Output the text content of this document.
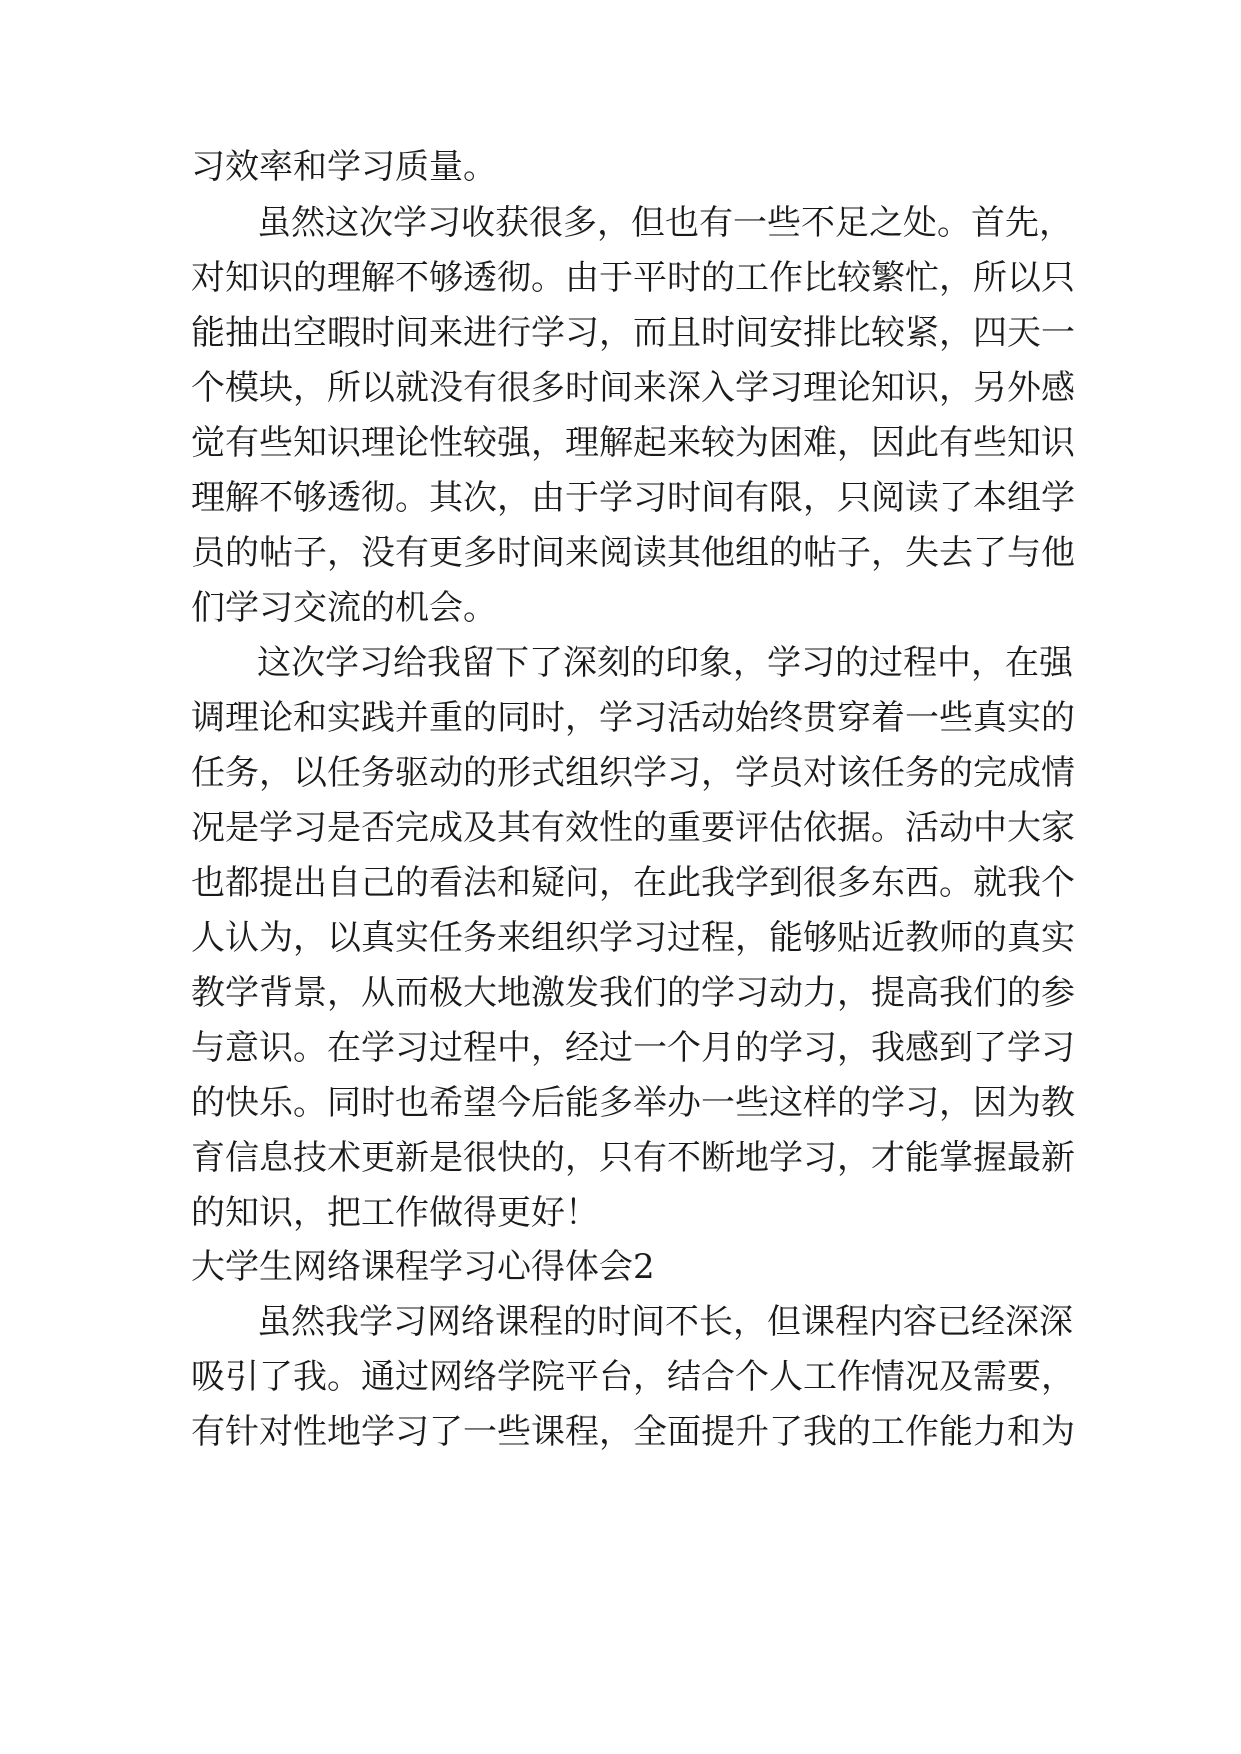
习效率和学习质量。
虽然这次学习收获很多，但也有一些不足之处。首先，
对知识的理解不够透彻。由于平时的工作比较繁忙，所以只
能抽出空暇时间来进行学习，而且时间安排比较紧，四天一
个模块，所以就没有很多时间来深入学习理论知识，另外感
觉有些知识理论性较强，理解起来较为困难，因此有些知识
理解不够透彻。其次，由于学习时间有限，只阅读了本组学
员的帖子，没有更多时间来阅读其他组的帖子，失去了与他
们学习交流的机会。
这次学习给我留下了深刻的印象，学习的过程中，在强
调理论和实践并重的同时，学习活动始终贯穿着一些真实的
任务，以任务驱动的形式组织学习，学员对该任务的完成情
况是学习是否完成及其有效性的重要评估依据。活动中大家
也都提出自己的看法和疑问，在此我学到很多东西。就我个
人认为，以真实任务来组织学习过程，能够贴近教师的真实
教学背景，从而极大地激发我们的学习动力，提高我们的参
与意识。在学习过程中，经过一个月的学习，我感到了学习
的快乐。同时也希望今后能多举办一些这样的学习，因为教
育信息技术更新是很快的，只有不断地学习，才能掌握最新
的知识，把工作做得更好！
大学生网络课程学习心得体会2
虽然我学习网络课程的时间不长，但课程内容已经深深
吸引了我。通过网络学院平台，结合个人工作情况及需要，
有针对性地学习了一些课程，全面提升了我的工作能力和为
